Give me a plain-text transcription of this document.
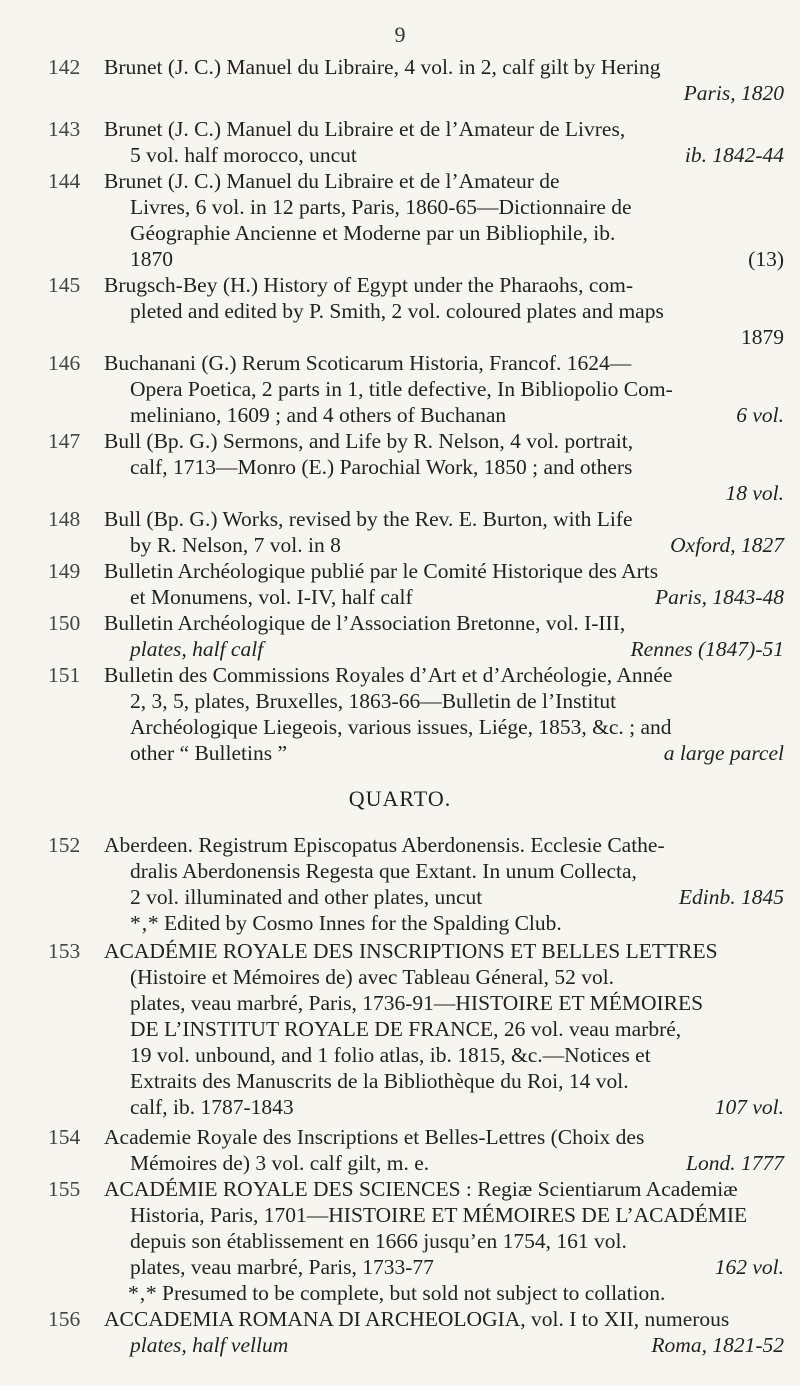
9
142	Brunet (J. C.) Manuel du Libraire, 4 vol. in 2, calf gilt by Hering
Paris, 1820
143	Brunet (J. C.) Manuel du Libraire et de l’Amateur de Livres,
5 vol. half morocco, uncut	ib. 1842-44
144	Brunet (J. C.) Manuel du Libraire et de l’Amateur de
Livres, 6 vol. in 12 parts, Paris, 1860-65—Dictionnaire de
Géographie Ancienne et Moderne par un Bibliophile, ib.
1870	(13)
145	Brugsch-Bey (H.) History of Egypt under the Pharaohs, com-
pleted and edited by P. Smith, 2 vol. coloured plates and maps
1879
146	Buchanani (G.) Rerum Scoticarum Historia, Francof. 1624—
Opera Poetica, 2 parts in 1, title defective, In Bibliopolio Com-
meliniano, 1609 ; and 4 others of Buchanan	6 vol.
147	Bull (Bp. G.) Sermons, and Life by R. Nelson, 4 vol. portrait,
calf, 1713—Monro (E.) Parochial Work, 1850 ; and others
18 vol.
148	Bull (Bp. G.) Works, revised by the Rev. E. Burton, with Life
by R. Nelson, 7 vol. in 8	Oxford, 1827
149	Bulletin Archéologique publié par le Comité Historique des Arts
et Monumens, vol. I-IV, half calf	Paris, 1843-48
150	Bulletin Archéologique de l’Association Bretonne, vol. I-III,
plates, half calf	Rennes (1847)-51
151	Bulletin des Commissions Royales d’Art et d’Archéologie, Année
2, 3, 5, plates, Bruxelles, 1863-66—Bulletin de l’Institut
Archéologique Liegeois, various issues, Liége, 1853, &c. ; and
other “ Bulletins ”	a large parcel
QUARTO.
152	Aberdeen. Registrum Episcopatus Aberdonensis. Ecclesie Cathe-
dralis Aberdonensis Regesta que Extant. In unum Collecta,
2 vol. illuminated and other plates, uncut	Edinb. 1845
*‚* Edited by Cosmo Innes for the Spalding Club.
153	ACADÉMIE ROYALE DES INSCRIPTIONS ET BELLES LETTRES
(Histoire et Mémoires de) avec Tableau Géneral, 52 vol.
plates, veau marbré, Paris, 1736-91—HISTOIRE ET MÉMOIRES
DE L’INSTITUT ROYALE DE FRANCE, 26 vol. veau marbré,
19 vol. unbound, and 1 folio atlas, ib. 1815, &c.—Notices et
Extraits des Manuscrits de la Bibliothèque du Roi, 14 vol.
calf, ib. 1787-1843	107 vol.
154	Academie Royale des Inscriptions et Belles-Lettres (Choix des
Mémoires de) 3 vol. calf gilt, m. e.	Lond. 1777
155	ACADÉMIE ROYALE DES SCIENCES : Regiæ Scientiarum Academiæ
Historia, Paris, 1701—HISTOIRE ET MÉMOIRES DE L’ACADÉMIE
depuis son établissement en 1666 jusqu’en 1754, 161 vol.
plates, veau marbré, Paris, 1733-77	162 vol.
*‚* Presumed to be complete, but sold not subject to collation.
156	ACCADEMIA ROMANA DI ARCHEOLOGIA, vol. I to XII, numerous
plates, half vellum	Roma, 1821-52
